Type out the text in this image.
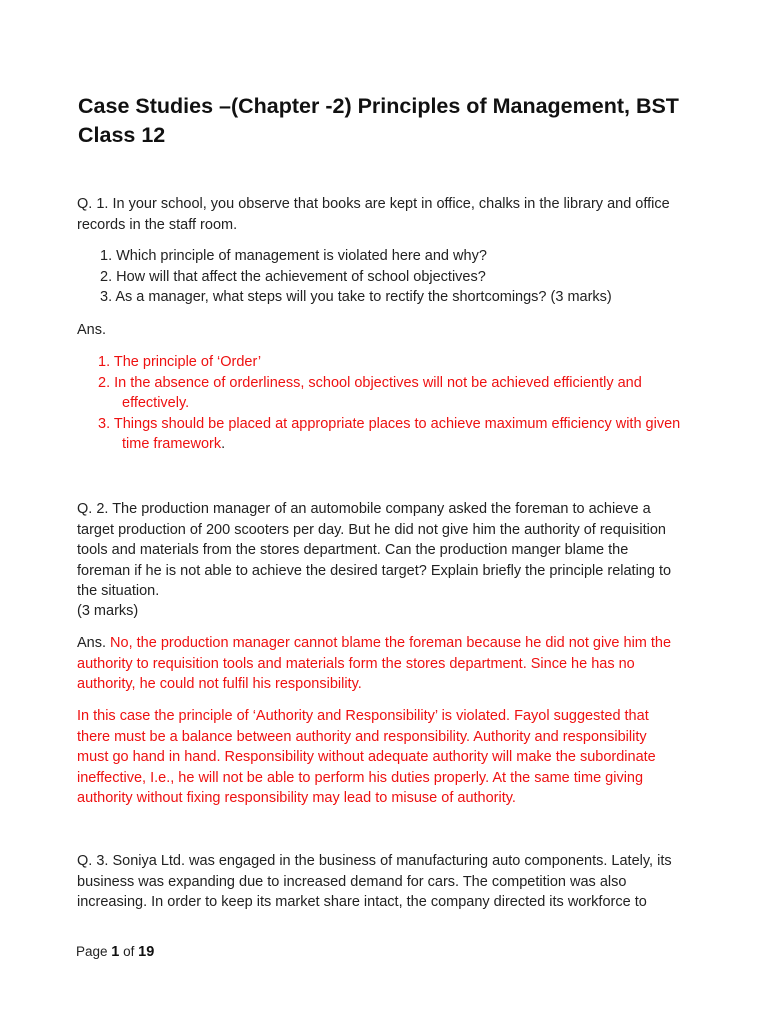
Case Studies –(Chapter -2) Principles of Management, BST Class 12

Q. 1. In your school, you observe that books are kept in office, chalks in the library and office records in the staff room.

1. Which principle of management is violated here and why?
2. How will that affect the achievement of school objectives?
3. As a manager, what steps will you take to rectify the shortcomings? (3 marks)

Ans.

1. The principle of ‘Order’
2. In the absence of orderliness, school objectives will not be achieved efficiently and effectively.
3. Things should be placed at appropriate places to achieve maximum efficiency with given time framework.

Q. 2. The production manager of an automobile company asked the foreman to achieve a target production of 200 scooters per day. But he did not give him the authority of requisition tools and materials from the stores department. Can the production manger blame the foreman if he is not able to achieve the desired target? Explain briefly the principle relating to the situation.

(3 marks)

Ans. No, the production manager cannot blame the foreman because he did not give him the authority to requisition tools and materials form the stores department. Since he has no authority, he could not fulfil his responsibility.

In this case the principle of ‘Authority and Responsibility’ is violated. Fayol suggested that there must be a balance between authority and responsibility. Authority and responsibility must go hand in hand. Responsibility without adequate authority will make the subordinate ineffective, I.e., he will not be able to perform his duties properly. At the same time giving authority without fixing responsibility may lead to misuse of authority.

Q. 3. Soniya Ltd. was engaged in the business of manufacturing auto components. Lately, its business was expanding due to increased demand for cars. The competition was also increasing. In order to keep its market share intact, the company directed its workforce to

Page 1 of 19
